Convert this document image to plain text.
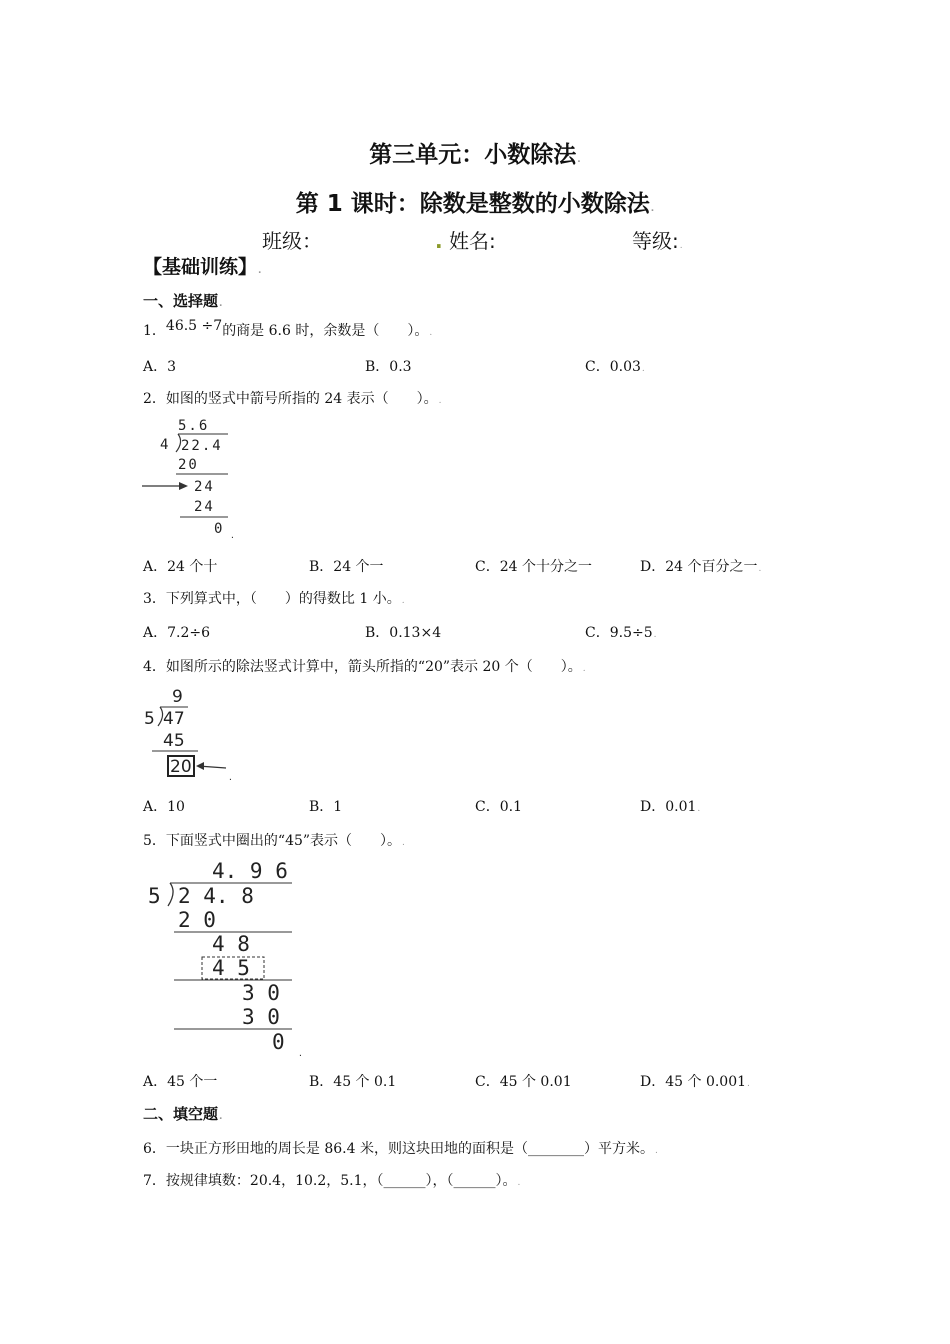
第三单元：小数除法.
第 1 课时：除数是整数的小数除法.
班级：	. 姓名:	等级:.
【基础训练】.
一、选择题.
1．46.5 ÷7的商是 6.6 时，余数是（　　）。.
A．3	B．0.3	C．0.03.
2．如图的竖式中箭号所指的 24 表示（　　）。.
5.6
4 22.4
20
24
24
0 .
A．24 个十	B．24 个一	C．24 个十分之一	D．24 个百分之一.
3．下列算式中，（　　）的得数比 1 小。.
A．7.2÷6	B．0.13×4	C．9.5÷5.
4．如图所示的除法竖式计算中，箭头所指的“20”表示 20 个（　　）。.
9
5 47
45
20
.
A．10	B．1	C．0.1	D．0.01.
5．下面竖式中圈出的“45”表示（　　）。.
4. 9 6
5 2 4. 8
2 0
4 8
4 5
3 0
3 0
0 .
A．45 个一	B．45 个 0.1	C．45 个 0.01	D．45 个 0.001.
二、填空题.
6．一块正方形田地的周长是 86.4 米，则这块田地的面积是（________）平方米。.
7．按规律填数：20.4，10.2，5.1，（______），（______）。.
